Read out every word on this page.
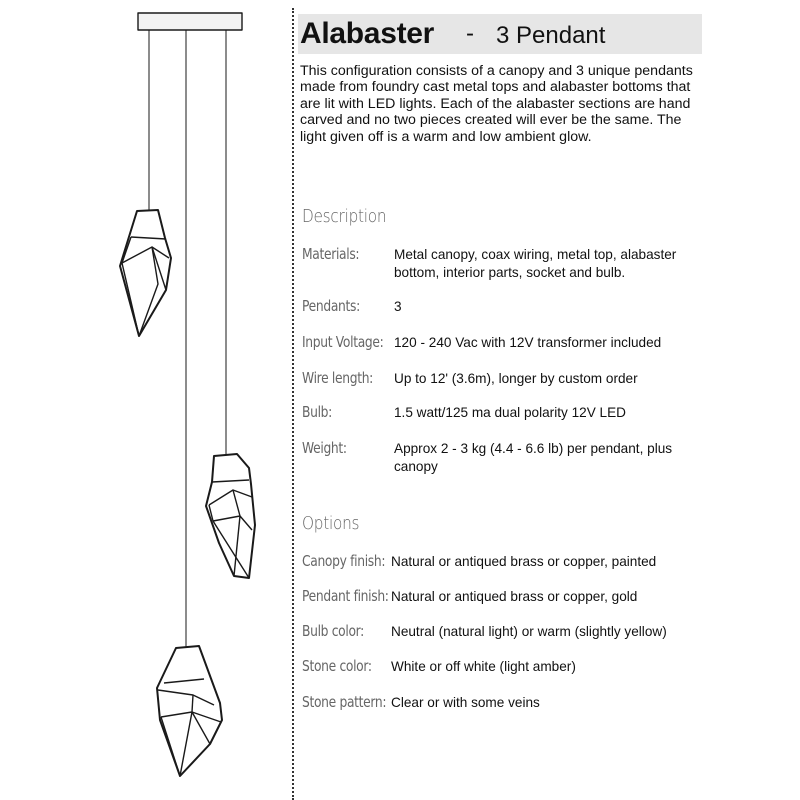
Alabaster - 3 Pendant
This configuration consists of a canopy and 3 unique pendants made from foundry cast metal tops and alabaster bottoms that are lit with LED lights. Each of the alabaster sections are hand carved and no two pieces created will ever be the same. The light given off is a warm and low ambient glow.
Description
Materials:	Metal canopy, coax wiring, metal top, alabaster bottom, interior parts, socket and bulb.
Pendants:	3
Input Voltage: 120 - 240 Vac with 12V transformer included
Wire length: Up to 12' (3.6m), longer by custom order
Bulb:	1.5 watt/125 ma dual polarity 12V LED
Weight:	Approx 2 - 3 kg (4.4 - 6.6 lb) per pendant, plus canopy
Options
Canopy finish: Natural or antiqued brass or copper, painted
Pendant finish: Natural or antiqued brass or copper, gold
Bulb color: Neutral (natural light) or warm (slightly yellow)
Stone color: White or off white (light amber)
Stone pattern: Clear or with some veins
